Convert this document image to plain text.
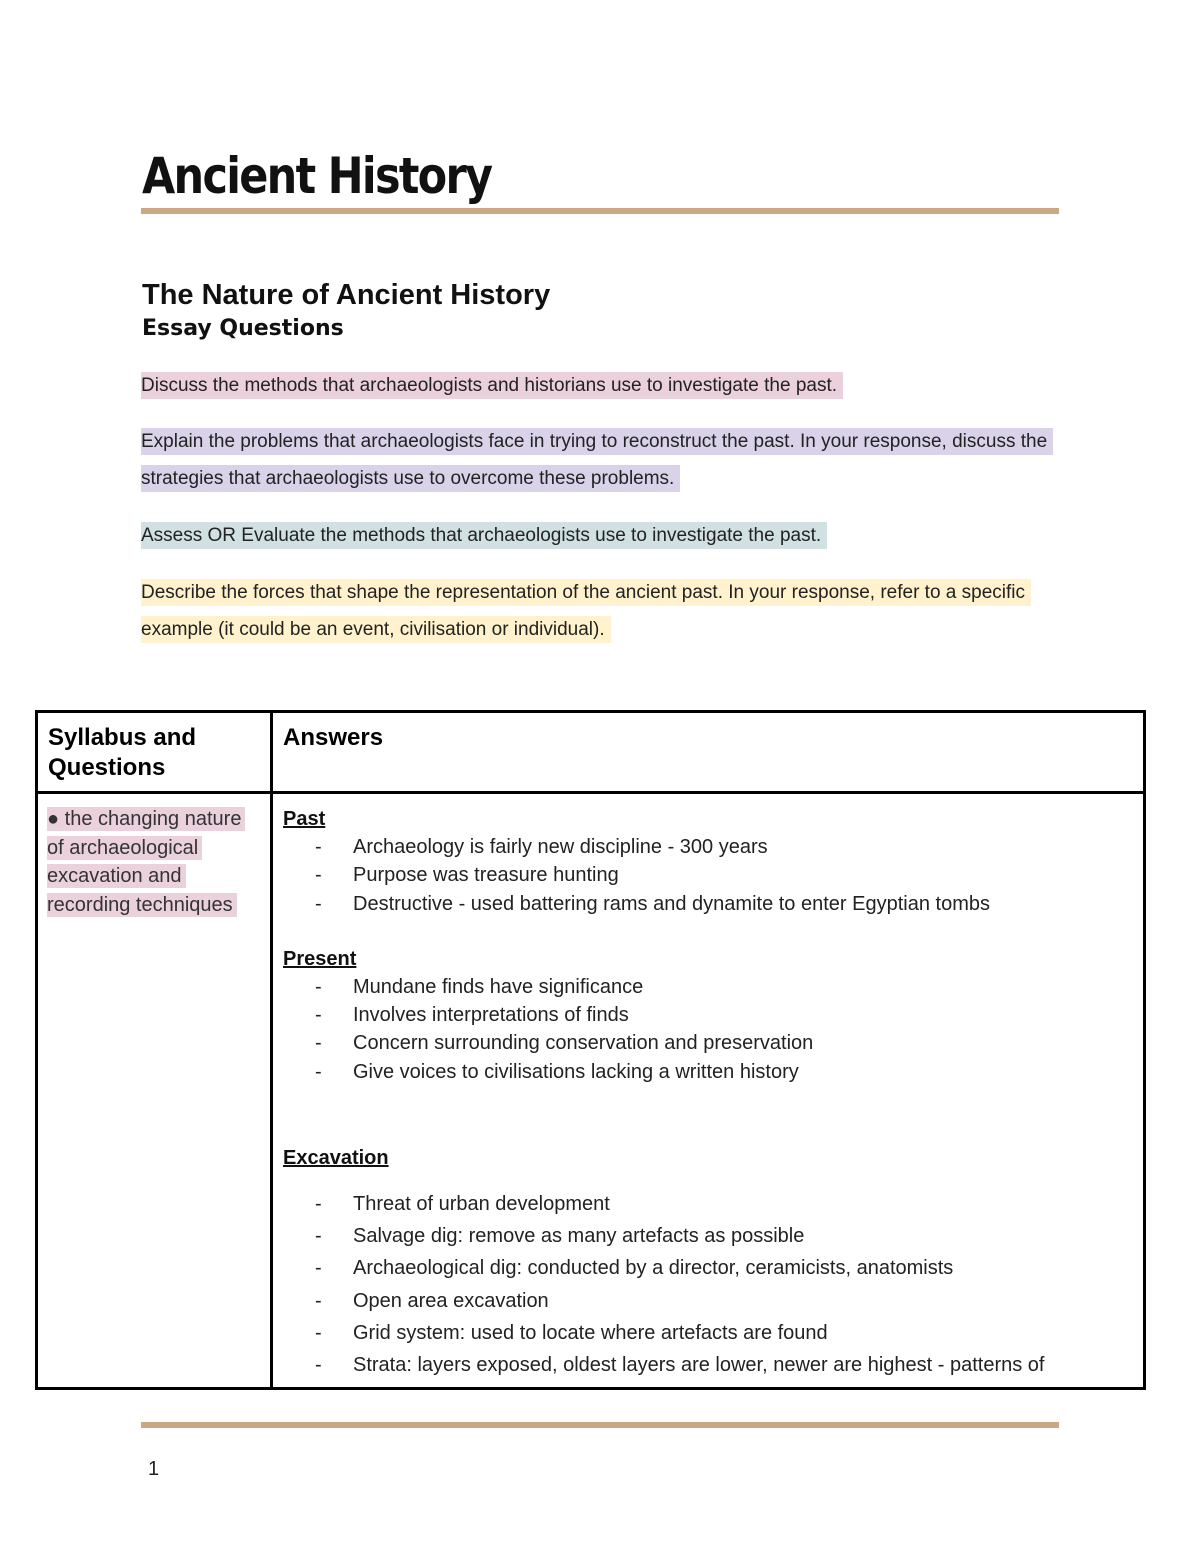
Ancient History
The Nature of Ancient History
Essay Questions

Discuss the methods that archaeologists and historians use to investigate the past.

Explain the problems that archaeologists face in trying to reconstruct the past. In your response, discuss the strategies that archaeologists use to overcome these problems.

Assess OR Evaluate the methods that archaeologists use to investigate the past.

Describe the forces that shape the representation of the ancient past. In your response, refer to a specific example (it could be an event, civilisation or individual).

Syllabus and Questions
Answers
● the changing nature of archaeological excavation and recording techniques

Past

- Archaeology is fairly new discipline - 300 years
- Purpose was treasure hunting
- Destructive - used battering rams and dynamite to enter Egyptian tombs

Present

- Mundane finds have significance
- Involves interpretations of finds
- Concern surrounding conservation and preservation
- Give voices to civilisations lacking a written history

Excavation

- Threat of urban development
- Salvage dig: remove as many artefacts as possible
- Archaeological dig: conducted by a director, ceramicists, anatomists
- Open area excavation
- Grid system: used to locate where artefacts are found
- Strata: layers exposed, oldest layers are lower, newer are highest - patterns of
1
